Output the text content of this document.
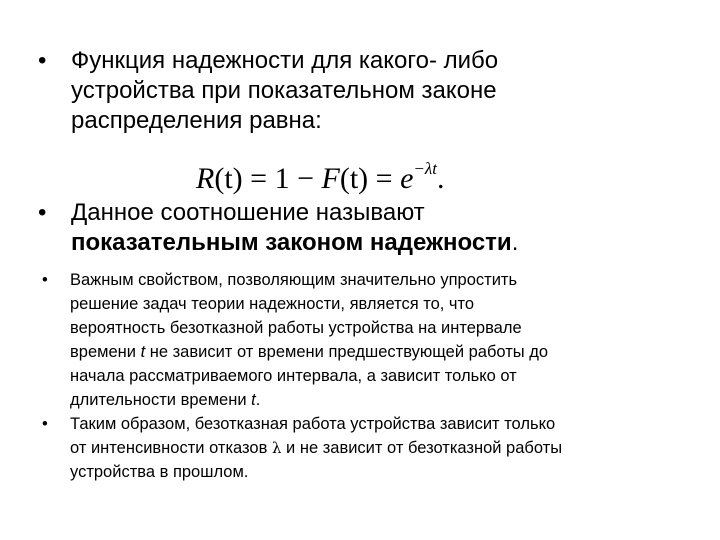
• Функция надежности для какого- либо
устройства при показательном законе
распределения равна:
$R(t) = 1 - F(t) = e^{-\lambda t}$.
• Данное соотношение называют
показательным законом надежности.
• Важным свойством, позволяющим значительно упростить
решение задач теории надежности, является то, что
вероятность безотказной работы устройства на интервале
времени t не зависит от времени предшествующей работы до
начала рассматриваемого интервала, а зависит только от
длительности времени t.
• Таким образом, безотказная работа устройства зависит только
от интенсивности отказов λ и не зависит от безотказной работы
устройства в прошлом.
